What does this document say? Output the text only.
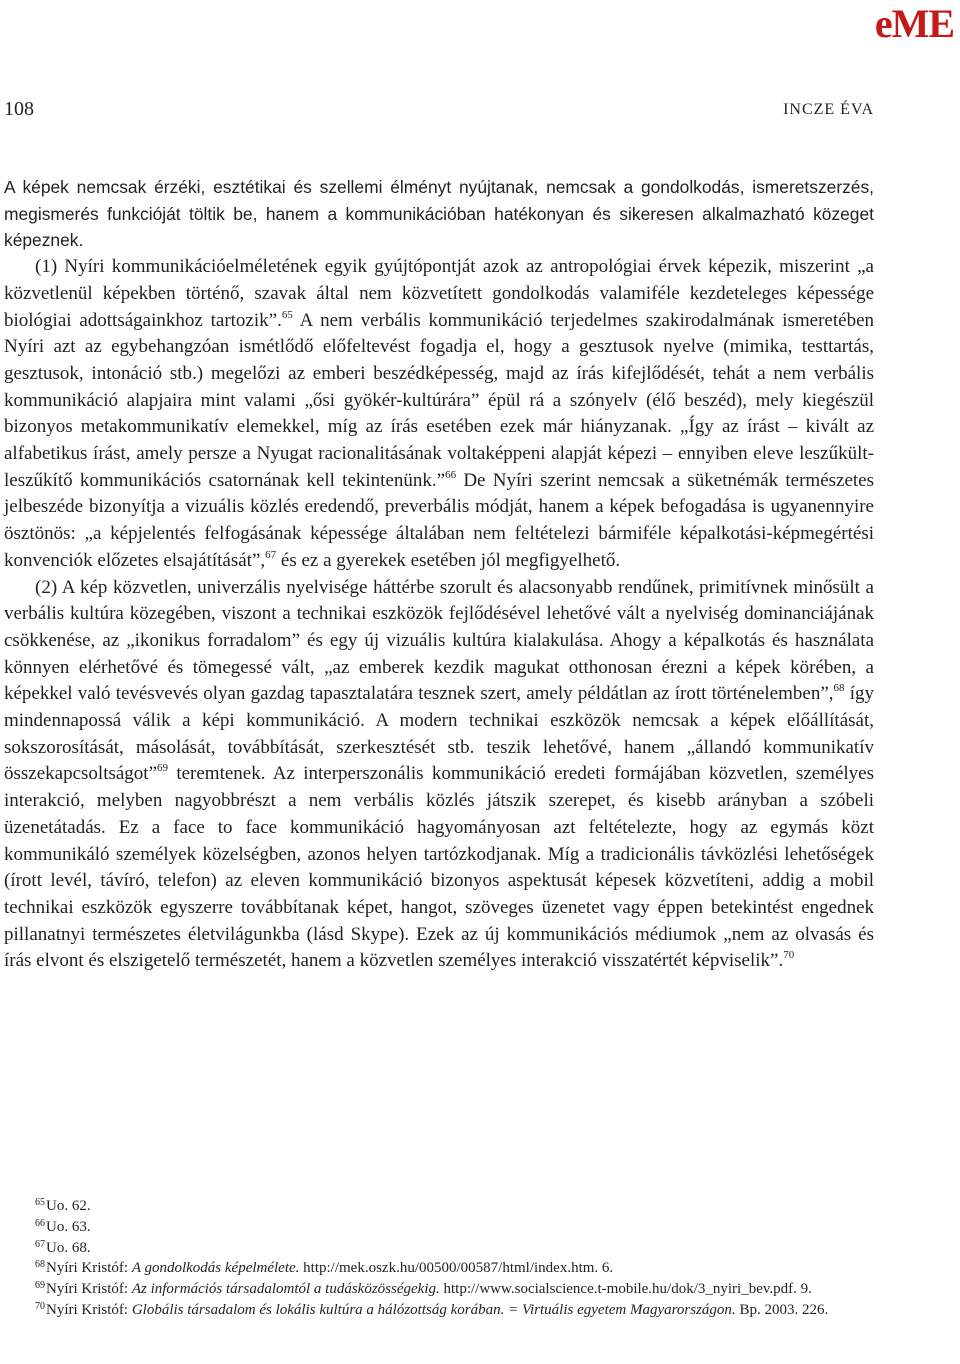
eME
108	INCZE ÉVA

A képek nemcsak érzéki, esztétikai és szellemi élményt nyújtanak, nemcsak a gondolkodás, ismeretszerzés, megismerés funkcióját töltik be, hanem a kommunikációban hatékonyan és sikeresen alkalmazható közeget képeznek.

(1) Nyíri kommunikációelméletének egyik gyújtópontját azok az antropológiai érvek képezik, miszerint „a közvetlenül képekben történő, szavak által nem közvetített gondolkodás valamiféle kezdeteleges képessége biológiai adottságainkhoz tartozik”.$^{65}$ A nem verbális kommunikáció terjedelmes szakirodalmának ismeretében Nyíri azt az egybehangzóan ismétlődő előfeltevést fogadja el, hogy a gesztusok nyelve (mimika, testtartás, gesztusok, intonáció stb.) megelőzi az emberi beszédképesség, majd az írás kifejlődését, tehát a nem verbális kommunikáció alapjaira mint valami „ősi gyökér-kultúrára” épül rá a szónyelv (élő beszéd), mely kiegészül bizonyos metakommunikatív elemekkel, míg az írás esetében ezek már hiányzanak. „Így az írást – kivált az alfabetikus írást, amely persze a Nyugat racionalitásának voltaképpeni alapját képezi – ennyiben eleve leszűkült-leszűkítő kommunikációs csatornának kell tekintenünk.”$^{66}$ De Nyíri szerint nemcsak a süketnémák természetes jelbeszéde bizonyítja a vizuális közlés eredendő, preverbális módját, hanem a képek befogadása is ugyanennyire ösztönös: „a képjelentés felfogásának képessége általában nem feltételezi bármiféle képalkotási-képmegértési konvenciók előzetes elsajátítását”,$^{67}$ és ez a gyerekek esetében jól megfigyelhető.

(2) A kép közvetlen, univerzális nyelvisége háttérbe szorult és alacsonyabb rendűnek, primitívnek minősült a verbális kultúra közegében, viszont a technikai eszközök fejlődésével lehetővé vált a nyelviség dominanciájának csökkenése, az „ikonikus forradalom” és egy új vizuális kultúra kialakulása. Ahogy a képalkotás és használata könnyen elérhetővé és tömegessé vált, „az emberek kezdik magukat otthonosan érezni a képek körében, a képekkel való tevésvevés olyan gazdag tapasztalatára tesznek szert, amely példátlan az írott történelemben”,$^{68}$ így mindennapossá válik a képi kommunikáció. A modern technikai eszközök nemcsak a képek előállítását, sokszorosítását, másolását, továbbítását, szerkesztését stb. teszik lehetővé, hanem „állandó kommunikatív összekapcsoltságot”$^{69}$ teremtenek. Az interperszonális kommunikáció eredeti formájában közvetlen, személyes interakció, melyben nagyobbrészt a nem verbális közlés játszik szerepet, és kisebb arányban a szóbeli üzenetátadás. Ez a face to face kommunikáció hagyományosan azt feltételezte, hogy az egymás közt kommunikáló személyek közelségben, azonos helyen tartózkodjanak. Míg a tradicionális távközlési lehetőségek (írott levél, távíró, telefon) az eleven kommunikáció bizonyos aspektusát képesek közvetíteni, addig a mobil technikai eszközök egyszerre továbbítanak képet, hangot, szöveges üzenetet vagy éppen betekintést engednek pillanatnyi természetes életvilágunkba (lásd Skype). Ezek az új kommunikációs médiumok „nem az olvasás és írás elvont és elszigetelő természetét, hanem a közvetlen személyes interakció visszatértét képviselik”.$^{70}$

$^{65}$Uo. 62.

$^{66}$Uo. 63.

$^{67}$Uo. 68.

$^{68}$Nyíri Kristóf: A gondolkodás képelmélete. http://mek.oszk.hu/00500/00587/html/index.htm. 6.

$^{69}$Nyíri Kristóf: Az információs társadalomtól a tudásközösségekig. http://www.socialscience.t-mobile.hu/dok/3_nyiri_bev.pdf. 9.

$^{70}$Nyíri Kristóf: Globális társadalom és lokális kultúra a hálózottság korában. = Virtuális egyetem Magyarországon. Bp. 2003. 226.
